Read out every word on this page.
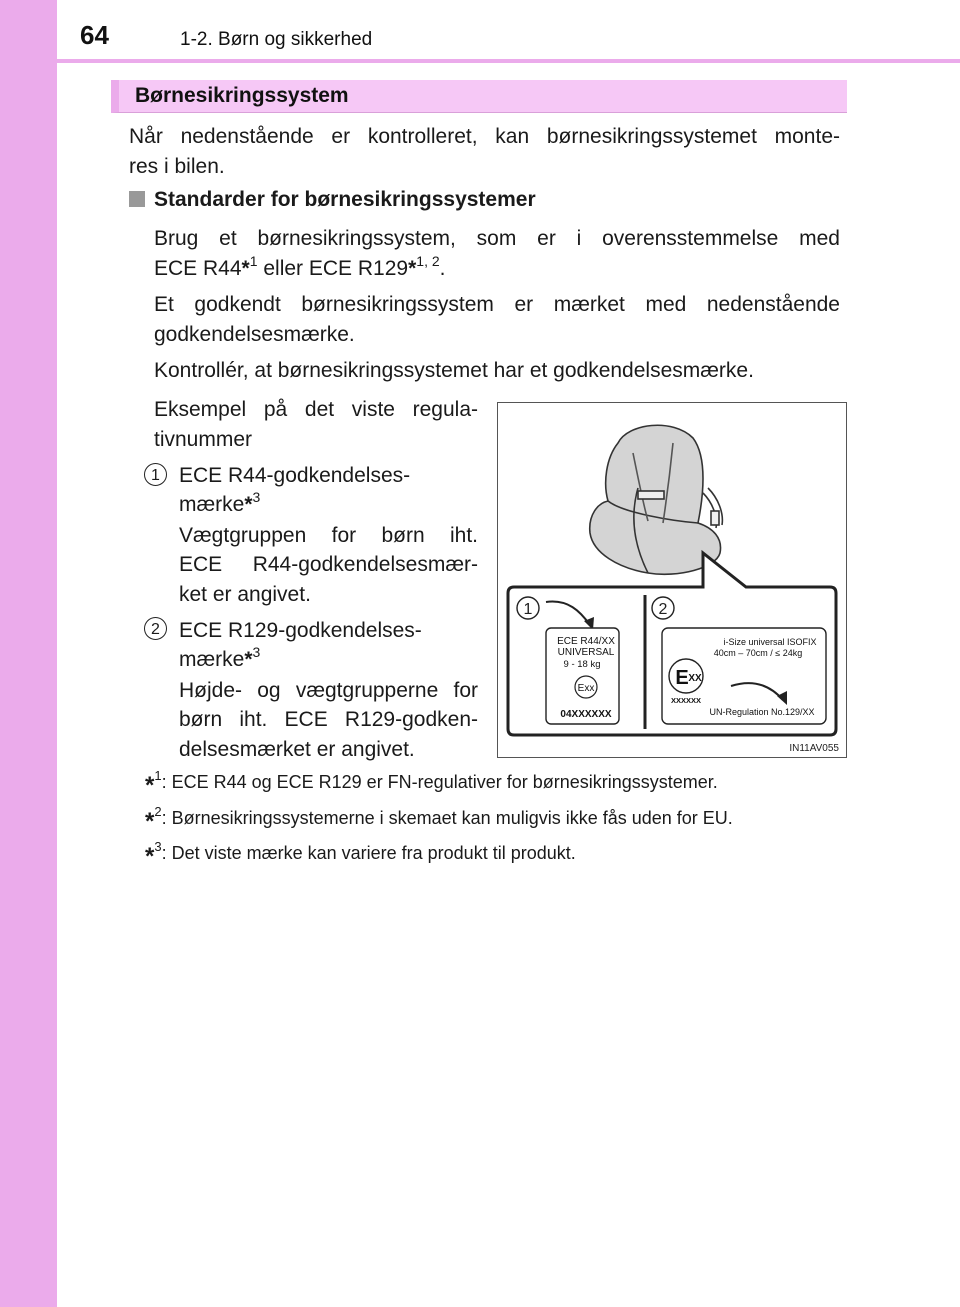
64	1-2. Børn og sikkerhed
Børnesikringssystem
Når nedenstående er kontrolleret, kan børnesikringssystemet monte-
res i bilen.
Standarder for børnesikringssystemer
Brug et børnesikringssystem, som er i overensstemmelse med
ECE R44*$^1$ eller ECE R129*$^{1, 2}$.
Et godkendt børnesikringssystem er mærket med nedenstående
godkendelsesmærke.
Kontrollér, at børnesikringssystemet har et godkendelsesmærke.
Eksempel på det viste regula-
tivnummer
1 ECE R44-godkendelses-
mærke*$^3$
Vægtgruppen for børn iht.
ECE R44-godkendelsesmær-
ket er angivet.
2 ECE R129-godkendelses-
mærke*$^3$
Højde- og vægtgrupperne for
børn iht. ECE R129-godken-
delsesmærket er angivet.
1
ECE R44/XX
UNIVERSAL
9 - 18 kg
Exx
04XXXXXX
2
i-Size universal ISOFIX
40cm – 70cm / ≤ 24kg
E XX
XXXXXX
UN-Regulation No.129/XX
IN11AV055
*$^1$: ECE R44 og ECE R129 er FN-regulativer for børnesikringssystemer.
*$^2$: Børnesikringssystemerne i skemaet kan muligvis ikke fås uden for EU.
*$^3$: Det viste mærke kan variere fra produkt til produkt.
